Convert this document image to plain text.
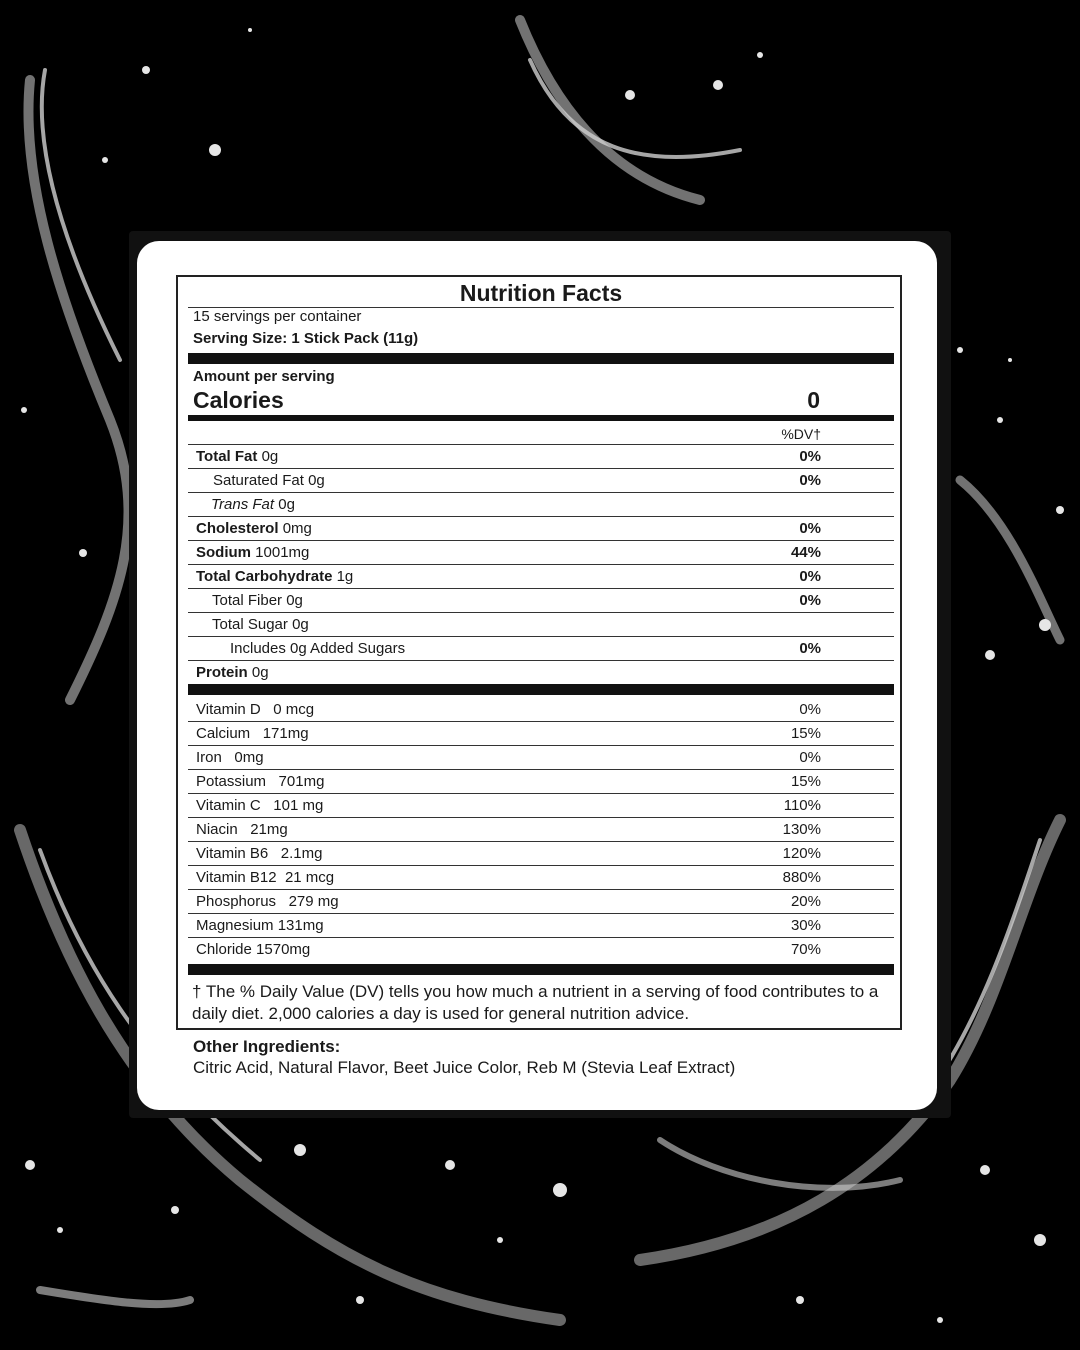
Nutrition Facts
15 servings per container
Serving Size: 1 Stick Pack (11g)
Amount per serving
Calories	0
%DV†
Total Fat 0g	0%
Saturated Fat 0g	0%
Trans Fat 0g
Cholesterol 0mg	0%
Sodium 1001mg	44%
Total Carbohydrate 1g	0%
Total Fiber 0g	0%
Total Sugar 0g
Includes 0g Added Sugars	0%
Protein 0g
Vitamin D 0 mcg	0%
Calcium 171mg	15%
Iron 0mg	0%
Potassium 701mg	15%
Vitamin C 101 mg	110%
Niacin 21mg	130%
Vitamin B6 2.1mg	120%
Vitamin B12 21 mcg	880%
Phosphorus 279 mg	20%
Magnesium 131mg	30%
Chloride 1570mg	70%
† The % Daily Value (DV) tells you how much a nutrient in a serving of food contributes to a daily diet. 2,000 calories a day is used for general nutrition advice.
Other Ingredients:
Citric Acid, Natural Flavor, Beet Juice Color, Reb M (Stevia Leaf Extract)
